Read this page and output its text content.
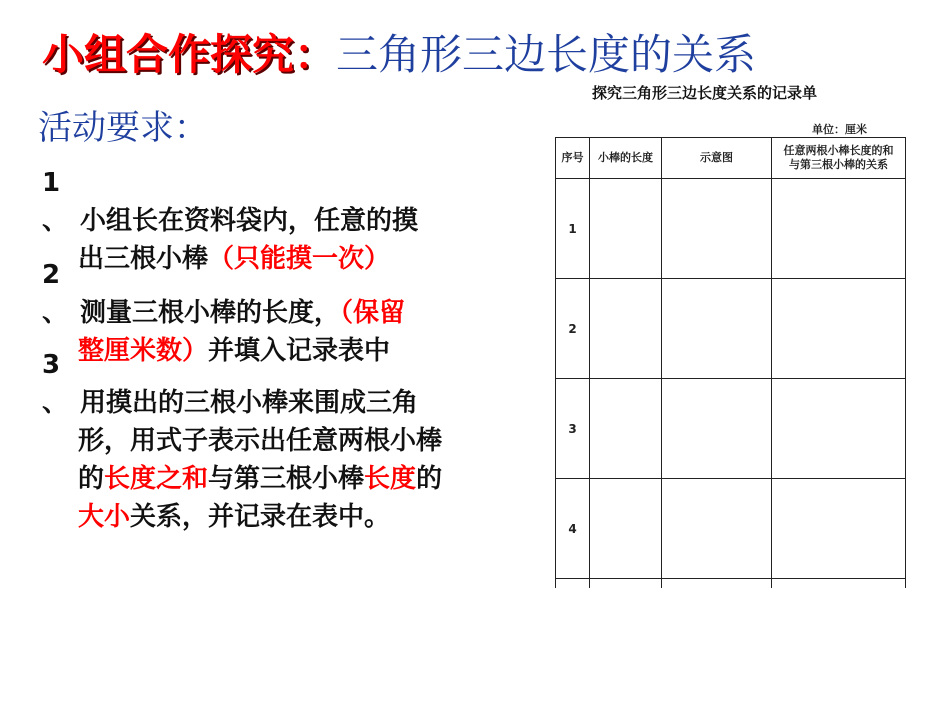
小组合作探究：三角形三边长度的关系
活动要求：
1 、 小组长在资料袋内，任意的摸
出三根小棒（只能摸一次）
2 、 测量三根小棒的长度，（保留
整厘米数）并填入记录表中
3 、 用摸出的三根小棒来围成三角
形，用式子表示出任意两根小棒
的长度之和与第三根小棒长度的
大小关系，并记录在表中。
探究三角形三边长度关系的记录单
单位：厘米
序号	小棒的长度	示意图	任意两根小棒长度的和
与第三根小棒的关系

1			
2			
3			
4			
